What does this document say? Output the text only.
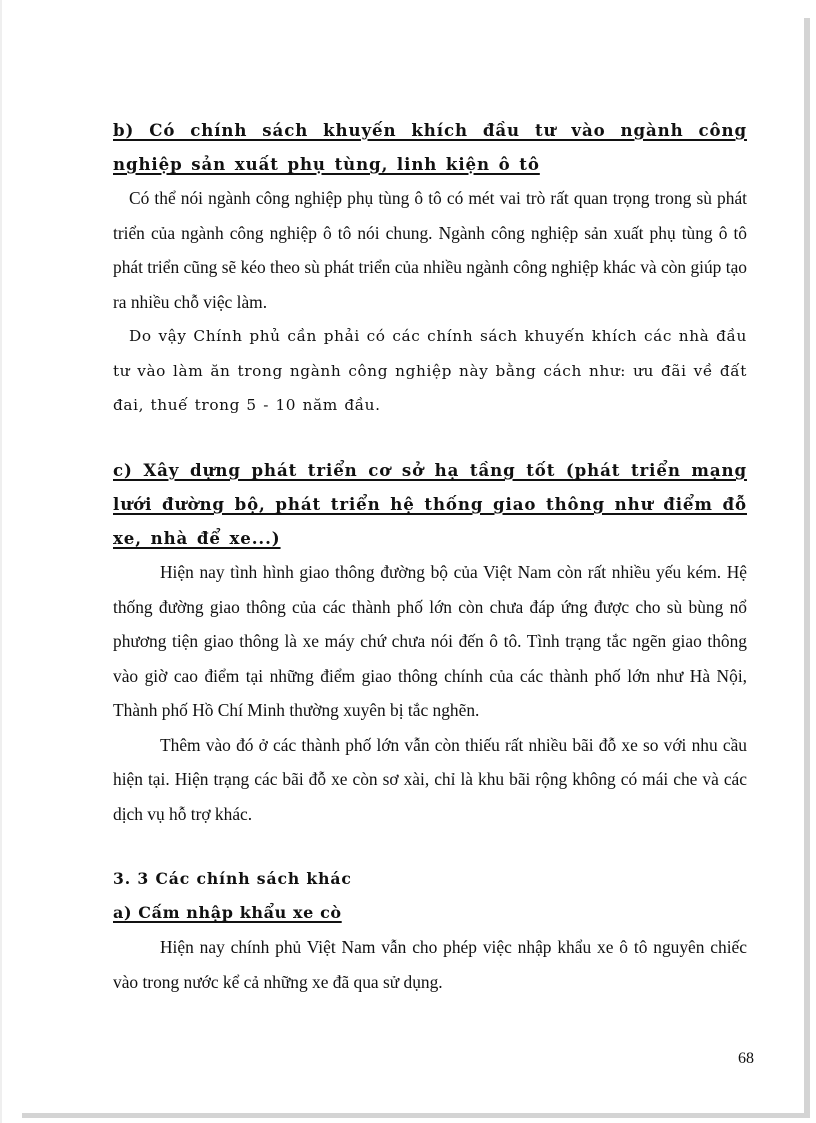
b) Có chính sách khuyến khích đầu tư vào ngành công nghiệp sản xuất phụ tùng, linh kiện ô tô

Có thể nói ngành công nghiệp phụ tùng ô tô có mét vai trò rất quan trọng trong sù phát triển của ngành công nghiệp ô tô nói chung. Ngành công nghiệp sản xuất phụ tùng ô tô phát triển cũng sẽ kéo theo sù phát triển của nhiều ngành công nghiệp khác và còn giúp tạo ra nhiều chỗ việc làm.

Do vậy Chính phủ cần phải có các chính sách khuyến khích các nhà đầu tư vào làm ăn trong ngành công nghiệp này bằng cách như: ưu đãi về đất đai, thuế trong 5 - 10 năm đầu.

c) Xây dựng phát triển cơ sở hạ tầng tốt (phát triển mạng lưới đường bộ, phát triển hệ thống giao thông như điểm đỗ xe, nhà để xe...)

Hiện nay tình hình giao thông đường bộ của Việt Nam còn rất nhiều yếu kém. Hệ thống đường giao thông của các thành phố lớn còn chưa đáp ứng được cho sù bùng nổ phương tiện giao thông là xe máy chứ chưa nói đến ô tô. Tình trạng tắc ngẽn giao thông vào giờ cao điểm tại những điểm giao thông chính của các thành phố lớn như Hà Nội, Thành phố Hồ Chí Minh thường xuyên bị tắc nghẽn.

Thêm vào đó ở các thành phố lớn vẫn còn thiếu rất nhiều bãi đỗ xe so với nhu cầu hiện tại. Hiện trạng các bãi đỗ xe còn sơ xài, chỉ là khu bãi rộng không có mái che và các dịch vụ hỗ trợ khác.

3. 3 Các chính sách khác

a) Cấm nhập khẩu xe cò

Hiện nay chính phủ Việt Nam vẫn cho phép việc nhập khẩu xe ô tô nguyên chiếc vào trong nước kể cả những xe đã qua sử dụng.

68
